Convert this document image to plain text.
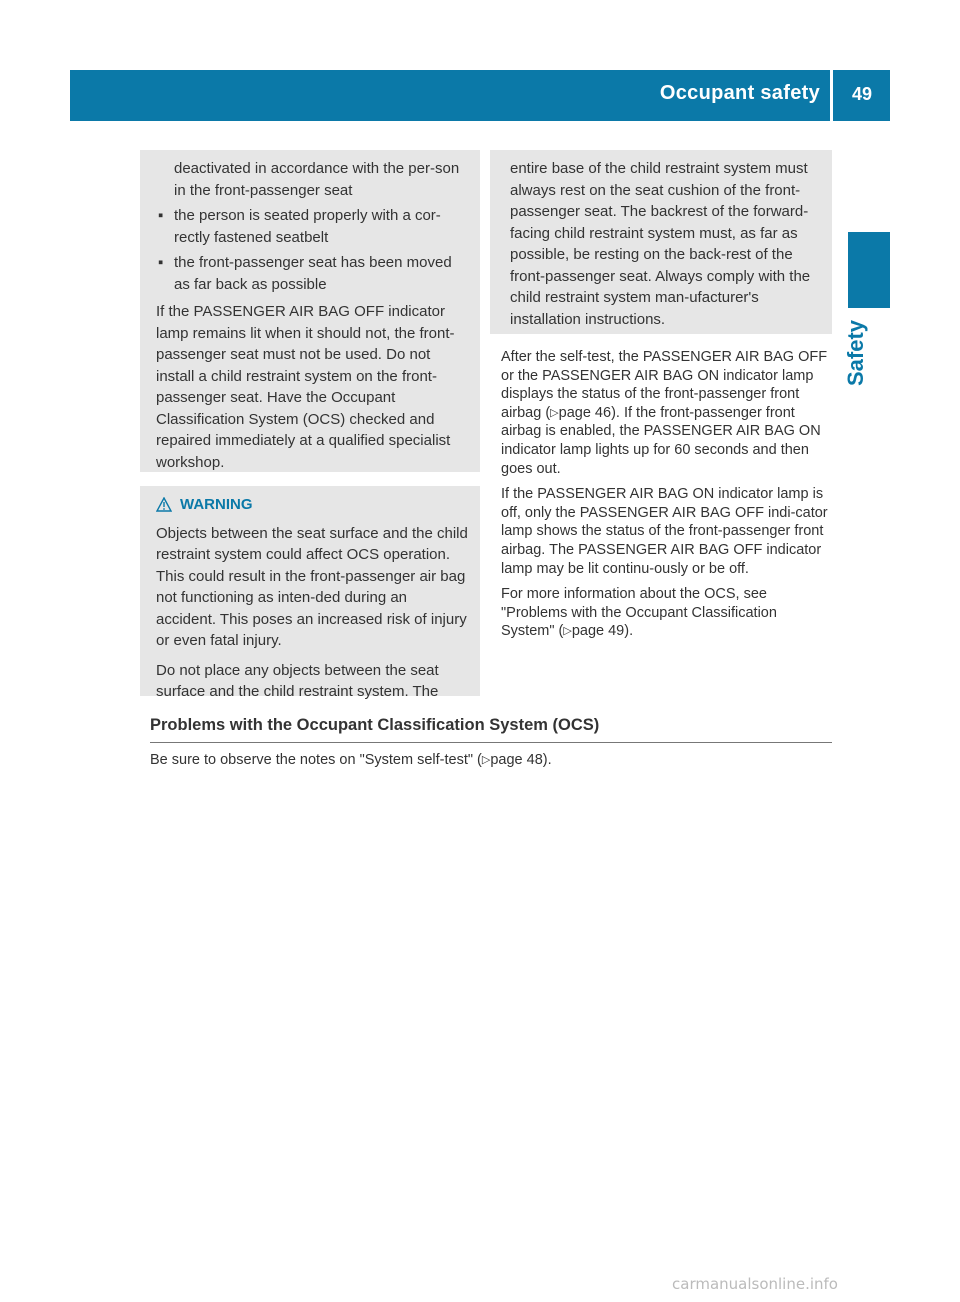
Occupant safety 49
Safety
deactivated in accordance with the per-son in the front-passenger seat
▪ the person is seated properly with a cor-rectly fastened seatbelt
▪ the front-passenger seat has been moved as far back as possible

If the PASSENGER AIR BAG OFF indicator lamp remains lit when it should not, the front-passenger seat must not be used. Do not install a child restraint system on the front-passenger seat. Have the Occupant Classification System (OCS) checked and repaired immediately at a qualified specialist workshop.

WARNING

Objects between the seat surface and the child restraint system could affect OCS operation. This could result in the front-passenger air bag not functioning as inten-ded during an accident. This poses an increased risk of injury or even fatal injury.

Do not place any objects between the seat surface and the child restraint system. The

entire base of the child restraint system must always rest on the seat cushion of the front-passenger seat. The backrest of the forward-facing child restraint system must, as far as possible, be resting on the back-rest of the front-passenger seat. Always comply with the child restraint system man-ufacturer's installation instructions.

After the self-test, the PASSENGER AIR BAG OFF or the PASSENGER AIR BAG ON indicator lamp displays the status of the front-passenger front airbag (▷page 46). If the front-passenger front airbag is enabled, the PASSENGER AIR BAG ON indicator lamp lights up for 60 seconds and then goes out.

If the PASSENGER AIR BAG ON indicator lamp is off, only the PASSENGER AIR BAG OFF indi-cator lamp shows the status of the front-passenger front airbag. The PASSENGER AIR BAG OFF indicator lamp may be lit continu-ously or be off.

For more information about the OCS, see "Problems with the Occupant Classification System" (▷page 49).

Problems with the Occupant Classification System (OCS)
Be sure to observe the notes on "System self-test" (▷page 48).
carmanualsonline.info
